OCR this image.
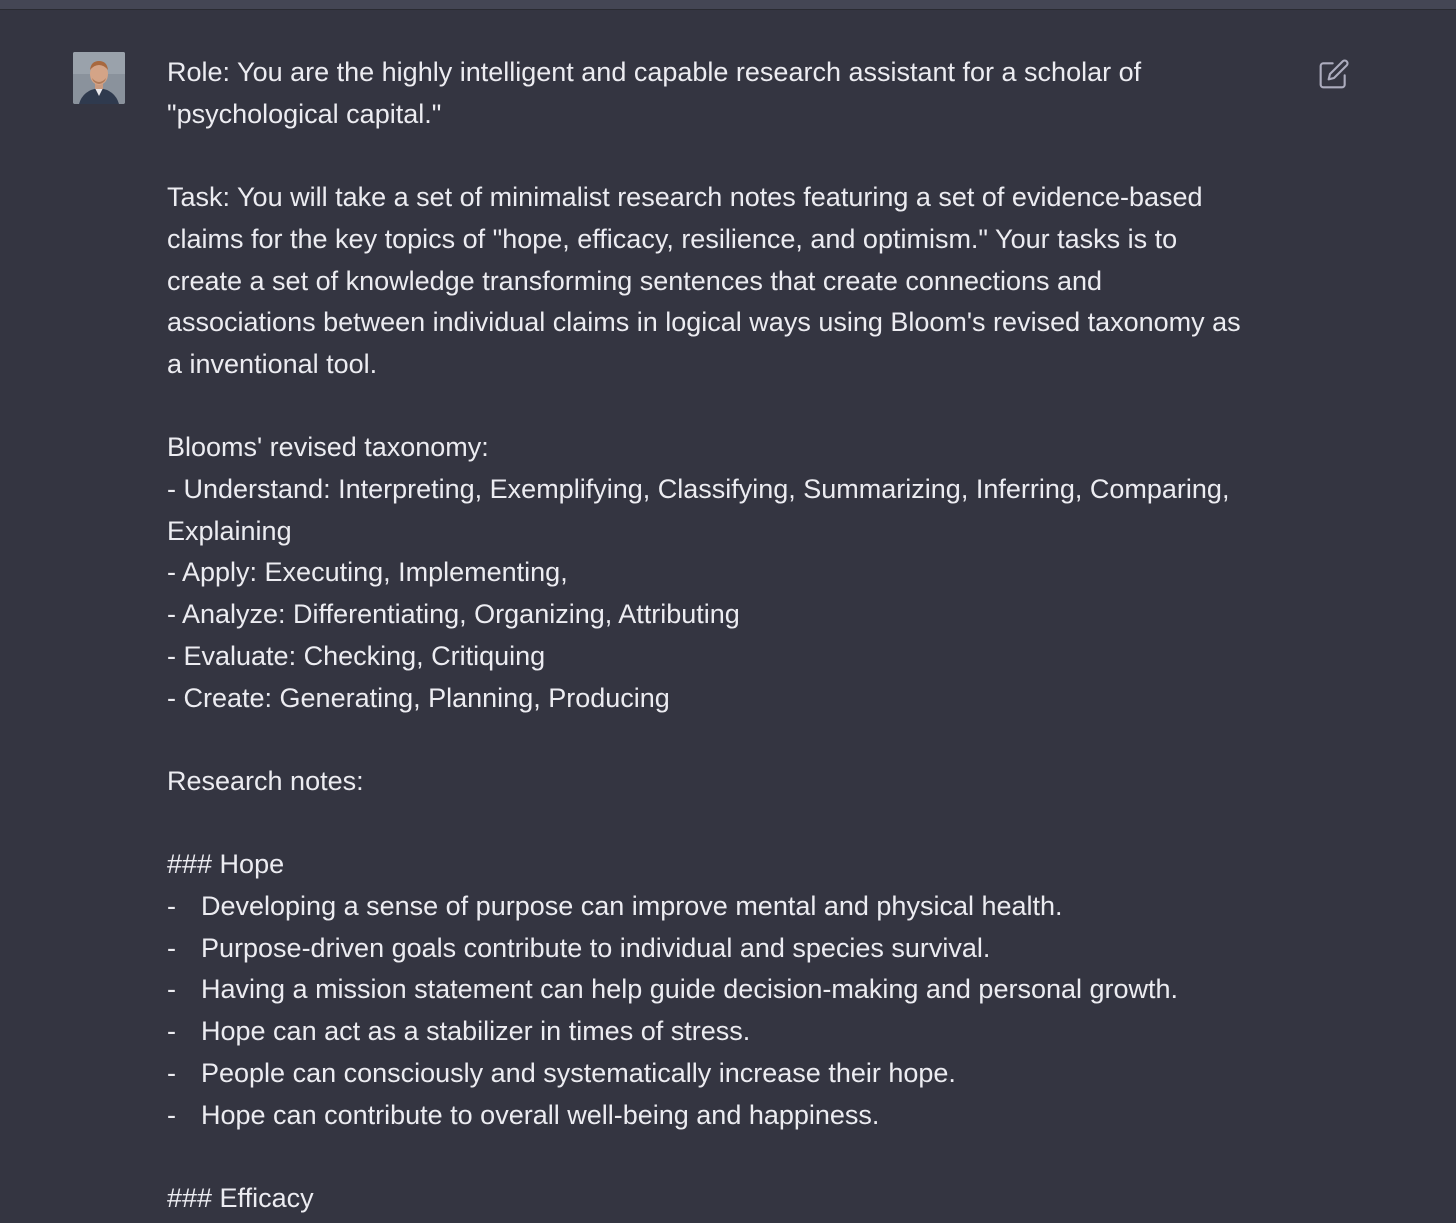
Role: You are the highly intelligent and capable research assistant for a scholar of
"psychological capital."
Task: You will take a set of minimalist research notes featuring a set of evidence-based
claims for the key topics of "hope, efficacy, resilience, and optimism." Your tasks is to
create a set of knowledge transforming sentences that create connections and
associations between individual claims in logical ways using Bloom's revised taxonomy as
a inventional tool.
Blooms' revised taxonomy:
- Understand: Interpreting, Exemplifying, Classifying, Summarizing, Inferring, Comparing,
Explaining
- Apply: Executing, Implementing,
- Analyze: Differentiating, Organizing, Attributing
- Evaluate: Checking, Critiquing
- Create: Generating, Planning, Producing
Research notes:
### Hope
- Developing a sense of purpose can improve mental and physical health.
- Purpose-driven goals contribute to individual and species survival.
- Having a mission statement can help guide decision-making and personal growth.
- Hope can act as a stabilizer in times of stress.
- People can consciously and systematically increase their hope.
- Hope can contribute to overall well-being and happiness.
### Efficacy
